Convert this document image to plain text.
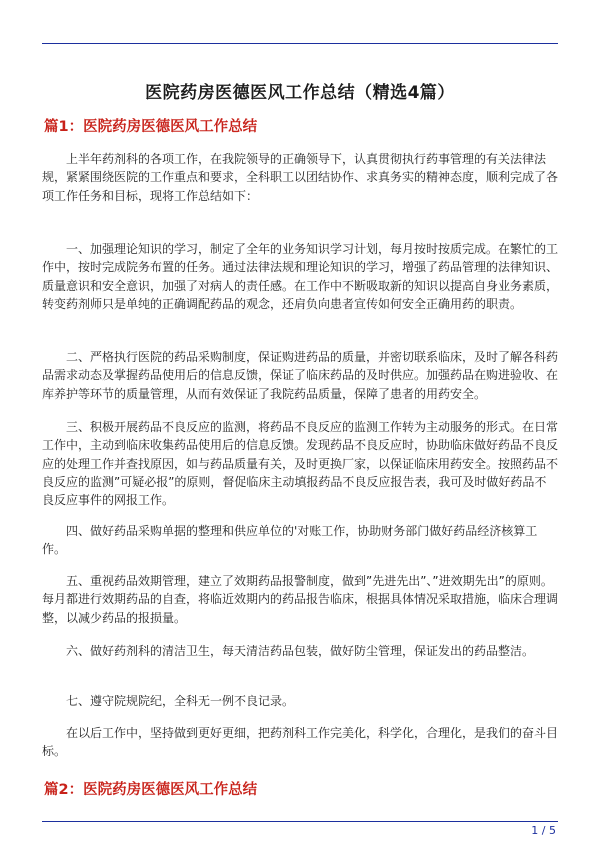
医院药房医德医风工作总结（精选4篇）
篇1：医院药房医德医风工作总结

上半年药剂科的各项工作，在我院领导的正确领导下，认真贯彻执行药事管理的有关法律法规，紧紧围绕医院的工作重点和要求，全科职工以团结协作、求真务实的精神态度，顺利完成了各项工作任务和目标，现将工作总结如下：

一、加强理论知识的学习，制定了全年的业务知识学习计划，每月按时按质完成。在繁忙的工作中，按时完成院务布置的任务。通过法律法规和理论知识的学习，增强了药品管理的法律知识、质量意识和安全意识，加强了对病人的责任感。在工作中不断吸取新的知识以提高自身业务素质，转变药剂师只是单纯的正确调配药品的观念，还肩负向患者宣传如何安全正确用药的职责。

二、严格执行医院的药品采购制度，保证购进药品的质量，并密切联系临床，及时了解各科药品需求动态及掌握药品使用后的信息反馈，保证了临床药品的及时供应。加强药品在购进验收、在库养护等环节的质量管理，从而有效保证了我院药品质量，保障了患者的用药安全。

三、积极开展药品不良反应的监测，将药品不良反应的监测工作转为主动服务的形式。在日常工作中，主动到临床收集药品使用后的信息反馈。发现药品不良反应时，协助临床做好药品不良反应的处理工作并查找原因，如与药品质量有关，及时更换厂家，以保证临床用药安全。按照药品不良反应的监测”可疑必报”的原则，督促临床主动填报药品不良反应报告表，我可及时做好药品不良反应事件的网报工作。

四、做好药品采购单据的整理和供应单位的'对账工作，协助财务部门做好药品经济核算工作。

五、重视药品效期管理，建立了效期药品报警制度，做到”先进先出”、”进效期先出”的原则。每月都进行效期药品的自查，将临近效期内的药品报告临床，根据具体情况采取措施，临床合理调整，以减少药品的报损量。

六、做好药剂科的清洁卫生，每天清洁药品包装，做好防尘管理，保证发出的药品整洁。

七、遵守院规院纪，全科无一例不良记录。

在以后工作中，坚持做到更好更细，把药剂科工作完美化，科学化，合理化，是我们的奋斗目标。

篇2：医院药房医德医风工作总结
1 / 5
